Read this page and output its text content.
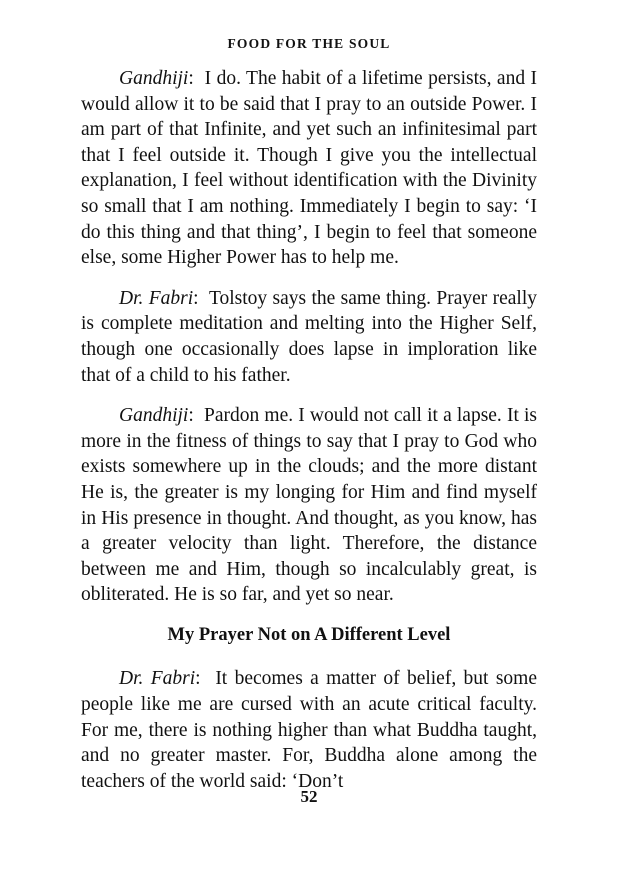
FOOD FOR THE SOUL

Gandhiji:  I do. The habit of a lifetime persists, and I would allow it to be said that I pray to an outside Power. I am part of that Infinite, and yet such an infinitesimal part that I feel outside it. Though I give you the intellectual explanation, I feel without identification with the Divinity so small that I am nothing. Immediately I begin to say: ‘I do this thing and that thing’, I begin to feel that someone else, some Higher Power has to help me.

Dr. Fabri:  Tolstoy says the same thing. Prayer really is complete meditation and melting into the Higher Self, though one occasionally does lapse in imploration like that of a child to his father.

Gandhiji:  Pardon me. I would not call it a lapse. It is more in the fitness of things to say that I pray to God who exists somewhere up in the clouds; and the more distant He is, the greater is my longing for Him and find myself in His presence in thought. And thought, as you know, has a greater velocity than light. Therefore, the distance between me and Him, though so incalculably great, is obliterated. He is so far, and yet so near.

My Prayer Not on A Different Level

Dr. Fabri:  It becomes a matter of belief, but some people like me are cursed with an acute critical faculty. For me, there is nothing higher than what Buddha taught, and no greater master. For, Buddha alone among the teachers of the world said: ‘Don’t

52
